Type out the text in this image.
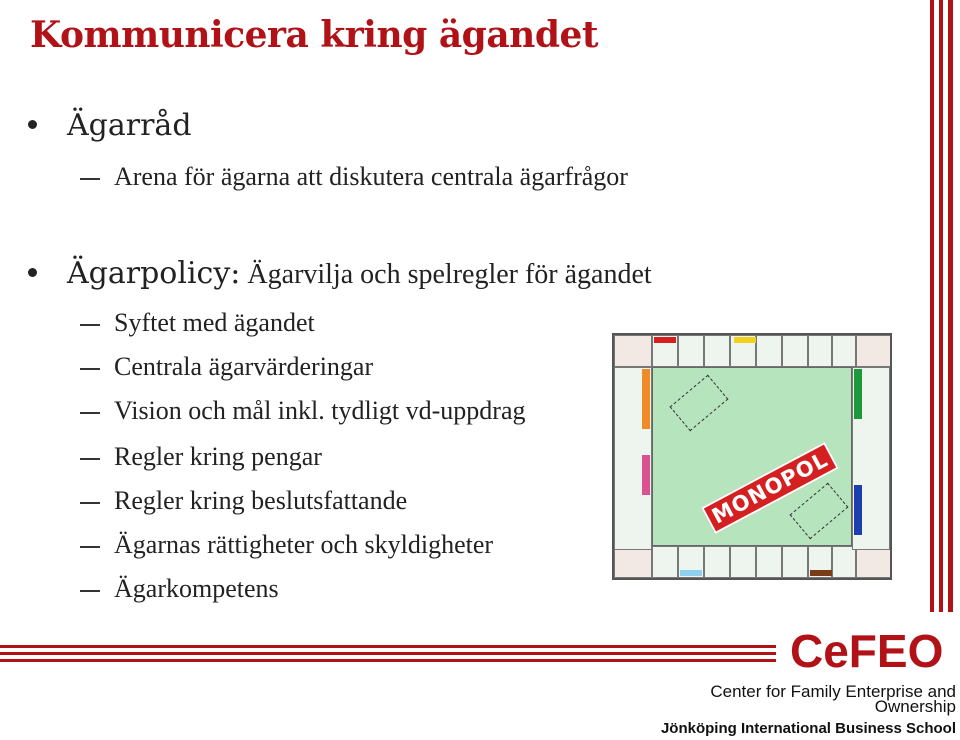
Kommunicera kring ägandet
Ägarråd
Arena för ägarna att diskutera centrala ägarfrågor
Ägarpolicy: Ägarvilja och spelregler för ägandet
Syftet med ägandet
Centrala ägarvärderingar
Vision och mål inkl. tydligt vd-uppdrag
Regler kring pengar
Regler kring beslutsfattande
Ägarnas rättigheter och skyldigheter
Ägarkompetens
MONOPOL
CeFEO
Center for Family Enterprise and Ownership
Jönköping International Business School
